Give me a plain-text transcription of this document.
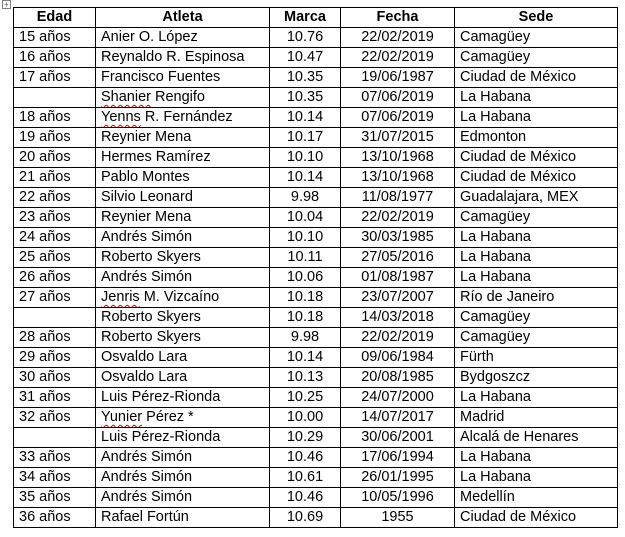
+
Edad	Atleta	Marca	Fecha	Sede
15 años	Anier O. López	10.76	22/02/2019	Camagüey
16 años	Reynaldo R. Espinosa	10.47	22/02/2019	Camagüey
17 años	Francisco Fuentes	10.35	19/06/1987	Ciudad de México
	Shanier Rengifo	10.35	07/06/2019	La Habana
18 años	Yenns R. Fernández	10.14	07/06/2019	La Habana
19 años	Reynier Mena	10.17	31/07/2015	Edmonton
20 años	Hermes Ramírez	10.10	13/10/1968	Ciudad de México
21 años	Pablo Montes	10.14	13/10/1968	Ciudad de México
22 años	Silvio Leonard	9.98	11/08/1977	Guadalajara, MEX
23 años	Reynier Mena	10.04	22/02/2019	Camagüey
24 años	Andrés Simón	10.10	30/03/1985	La Habana
25 años	Roberto Skyers	10.11	27/05/2016	La Habana
26 años	Andrés Simón	10.06	01/08/1987	La Habana
27 años	Jenris M. Vizcaíno	10.18	23/07/2007	Río de Janeiro
	Roberto Skyers	10.18	14/03/2018	Camagüey
28 años	Roberto Skyers	9.98	22/02/2019	Camagüey
29 años	Osvaldo Lara	10.14	09/06/1984	Fürth
30 años	Osvaldo Lara	10.13	20/08/1985	Bydgoszcz
31 años	Luis Pérez-Rionda	10.25	24/07/2000	La Habana
32 años	Yunier Pérez *	10.00	14/07/2017	Madrid
	Luis Pérez-Rionda	10.29	30/06/2001	Alcalá de Henares
33 años	Andrés Simón	10.46	17/06/1994	La Habana
34 años	Andrés Simón	10.61	26/01/1995	La Habana
35 años	Andrés Simón	10.46	10/05/1996	Medellín
36 años	Rafael Fortún	10.69	1955	Ciudad de México
